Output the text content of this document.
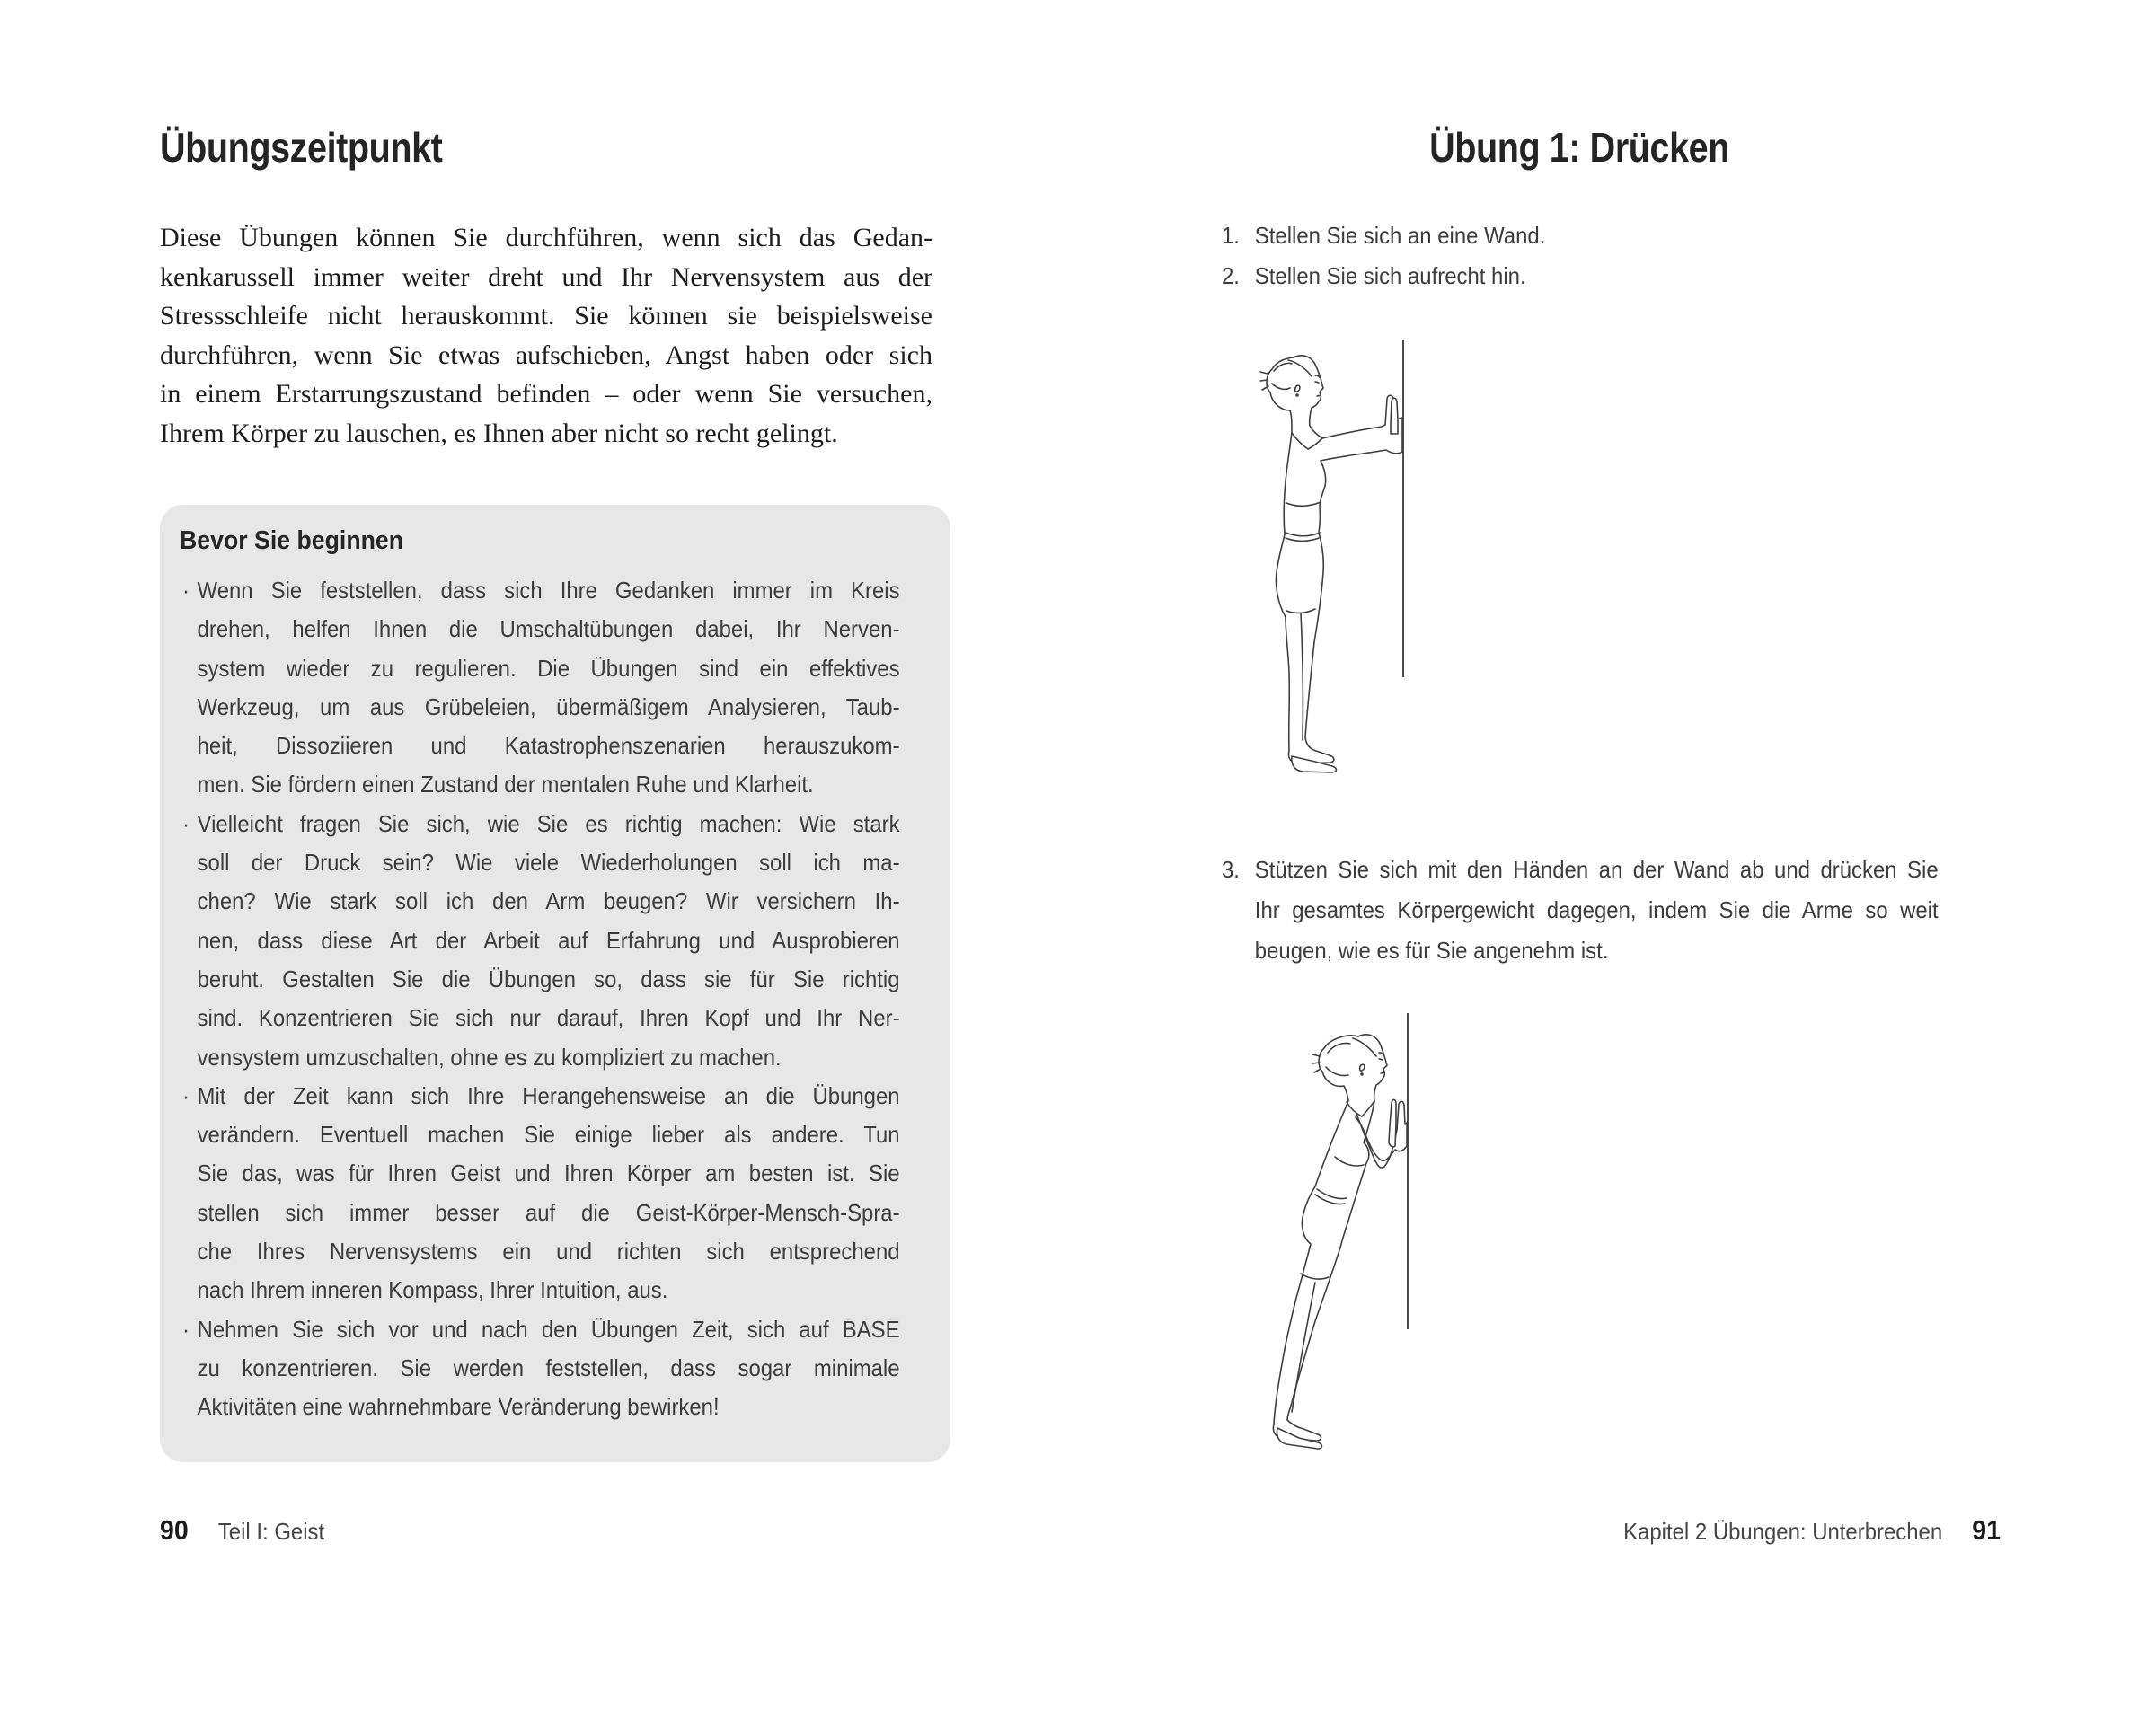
Übungszeitpunkt
Diese Übungen können Sie durchführen, wenn sich das Gedan-
kenkarussell immer weiter dreht und Ihr Nervensystem aus der
Stressschleife nicht herauskommt. Sie können sie beispielsweise
durchführen, wenn Sie etwas aufschieben, Angst haben oder sich
in einem Erstarrungszustand befinden – oder wenn Sie versuchen,
Ihrem Körper zu lauschen, es Ihnen aber nicht so recht gelingt.
Bevor Sie beginnen
· Wenn Sie feststellen, dass sich Ihre Gedanken immer im Kreis
drehen, helfen Ihnen die Umschaltübungen dabei, Ihr Nerven-
system wieder zu regulieren. Die Übungen sind ein effektives
Werkzeug, um aus Grübeleien, übermäßigem Analysieren, Taub-
heit, Dissoziieren und Katastrophenszenarien herauszukom-
men. Sie fördern einen Zustand der mentalen Ruhe und Klarheit.
· Vielleicht fragen Sie sich, wie Sie es richtig machen: Wie stark
soll der Druck sein? Wie viele Wiederholungen soll ich ma-
chen? Wie stark soll ich den Arm beugen? Wir versichern Ih-
nen, dass diese Art der Arbeit auf Erfahrung und Ausprobieren
beruht. Gestalten Sie die Übungen so, dass sie für Sie richtig
sind. Konzentrieren Sie sich nur darauf, Ihren Kopf und Ihr Ner-
vensystem umzuschalten, ohne es zu kompliziert zu machen.
· Mit der Zeit kann sich Ihre Herangehensweise an die Übungen
verändern. Eventuell machen Sie einige lieber als andere. Tun
Sie das, was für Ihren Geist und Ihren Körper am besten ist. Sie
stellen sich immer besser auf die Geist-Körper-Mensch-Spra-
che Ihres Nervensystems ein und richten sich entsprechend
nach Ihrem inneren Kompass, Ihrer Intuition, aus.
· Nehmen Sie sich vor und nach den Übungen Zeit, sich auf BASE
zu konzentrieren. Sie werden feststellen, dass sogar minimale
Aktivitäten eine wahrnehmbare Veränderung bewirken!
90 Teil I: Geist
Übung 1: Drücken
1. Stellen Sie sich an eine Wand.
2. Stellen Sie sich aufrecht hin.
3. Stützen Sie sich mit den Händen an der Wand ab und drücken Sie
Ihr gesamtes Körpergewicht dagegen, indem Sie die Arme so weit
beugen, wie es für Sie angenehm ist.
Kapitel 2 Übungen: Unterbrechen 91
